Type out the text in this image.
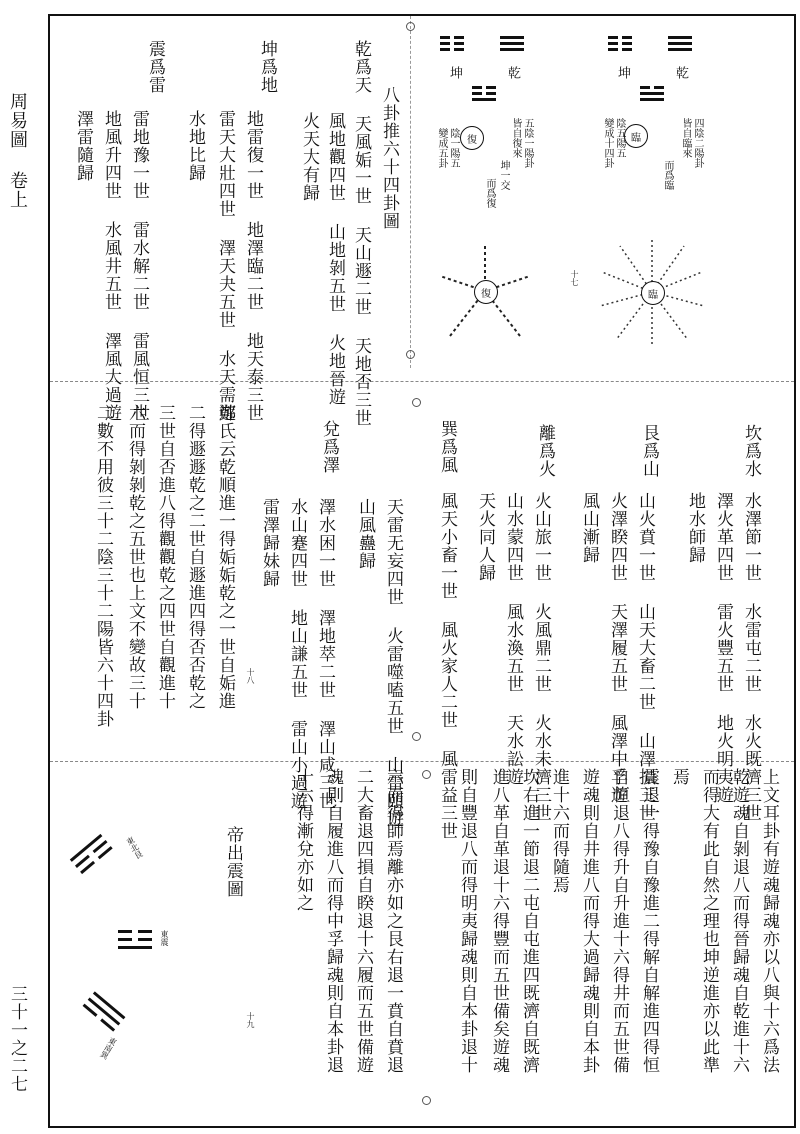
周易圖 卷上
三十一之二七
八卦推六十四卦圖
乾爲天 天風姤一世 天山遯二世 天地否三世
風地觀四世 山地剝五世 火地晉遊
火天大有歸
坤爲地
地雷復一世 地澤臨二世 地天泰三世
雷天大壯四世 澤天夬五世 水天需遊
水地比歸
震爲雷
雷地豫一世 雷水解二世 雷風恒三世
地風升四世 水風井五世 澤風大過遊
澤雷隨歸
坤	乾	坤	乾
四陰二陽卦
皆自臨來
陰五陽五
變成十四卦
而爲臨
臨
五陰一陽卦
皆自復來
陰一陽五
變成五卦
坤一交
而爲復
復
復	臨
十七
坎爲水
水澤節一世 水雷屯二世 水火既濟三世
澤火革四世 雷火豐五世 地火明夷遊
地水師歸
艮爲山
山火賁一世 山天大畜二世 山澤損三世
火澤睽四世 天澤履五世 風澤中孚遊
風山漸歸
離爲火
火山旅一世 火風鼎二世 火水未濟三世
山水蒙四世 風水渙五世 天水訟遊
天火同人歸
巽爲風
風天小畜一世 風火家人二世 風雷益三世
天雷无妄四世 火雷噬嗑五世 山雷頤遊
山風蠱歸
兌爲澤
澤水困一世 澤地萃二世 澤山咸三世
水山蹇四世 地山謙五世 雷山小過遊
雷澤歸妹歸
鄭氏云乾順進一得姤姤乾之一世自姤進
二得遯遯乾之二世自遯進四得否否乾之
三世自否進八得觀觀乾之四世自觀進十
六而得剝剝乾之五世也上文不變故三十
二數不用彼三十二陰三十二陽皆六十四卦	十八
上文耳卦有遊魂歸魂亦以八與十六爲法
乾遊魂自剝退八而得晉歸魂自乾進十六
而得大有此自然之理也坤逆進亦以此準
焉
震退一得豫自豫進二得解自解進四得恒
自恒退八得升自升進十六得井而五世備
遊魂則自井進八而得大過歸魂則自本卦
進十六而得隨焉
坎右進一節退二屯自屯進四既濟自既濟
進八革自革退十六得豐而五世備矣遊魂
則自豐退八而得明夷歸魂則自本卦退十
六而得師焉離亦如之艮右退一賁自賁退
二大畜退四損自睽退十六履而五世備遊
魂則自履進八而得中孚歸魂則自本卦退
十六得漸兌亦如之
帝出震圖
東北艮
東震
東南巽
十九
